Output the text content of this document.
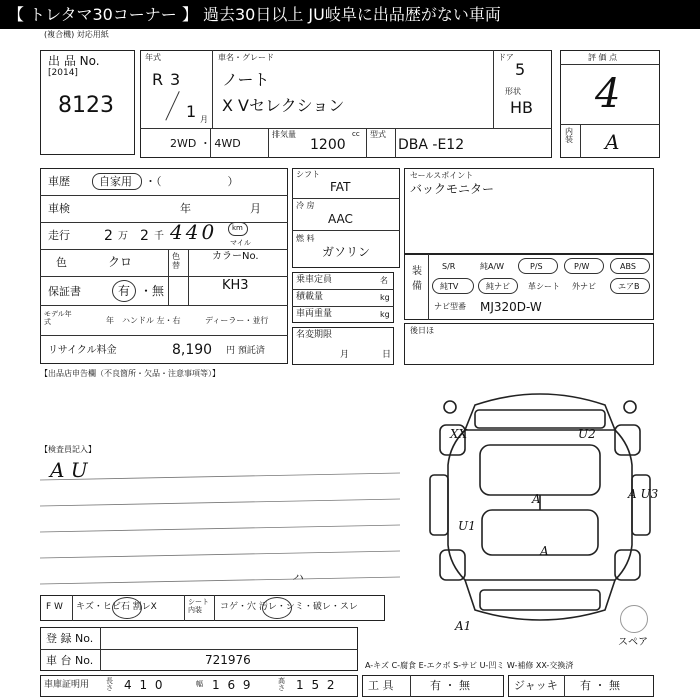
【 トレタマ30コーナー 】 過去30日以上 JU岐阜に出品歴がない車両
(複合機) 対応用紙
出 品 No.
[2014]
8123
年式
R 3
1 月
車名・グレード
ノート
X Vセレクション
ドア
5
形状
HB
2WD ・ 4WD
排気量
1200
cc 型式
DBA -E12
評 価 点
4
内装 A
車歴	自家用 ・（　　　　　　）
車検	年	月
走行 2 万 2 千 440 km
マイル
色	クロ	色替
カラーNo.
KH3
保証書	有 ・無
モデル年式	年 ハンドル 左・右	ディーラー・並行
リサイクル料金	8,190 円 預託済
シフト
FAT
冷 房
AAC
燃 料
ガソリン
乗車定員	名
積載量	kg
車両重量	kg
名変期限
月	日
セールスポイント
バックモニター
装備
S/R	純A/W	P/S	P/W	ABS
純TV	純ナビ 革シート 外ナビ	エアB
ナビ型番 MJ320D-W
後日ほ
【出品店申告欄（不良箇所・欠品・注意事項等）】
【検査員記入】
A U
XX	U2
A	A U3
U1
A
A1
スペア
F W キズ・ヒビ石 割レX	シート 内装	コゲ・穴 汚レ・シミ・破レ・スレ
ハ
登 録 No.
車 台 No.	721976	A-キズ C-腐食 E-エクボ S-サビ U-凹ミ W-補修 XX-交換済
車庫証明用 長さ 4 1 0	幅 1 6 9	高さ 1 5 2	工 具	有 ・ 無	ジャッキ 有 ・ 無
